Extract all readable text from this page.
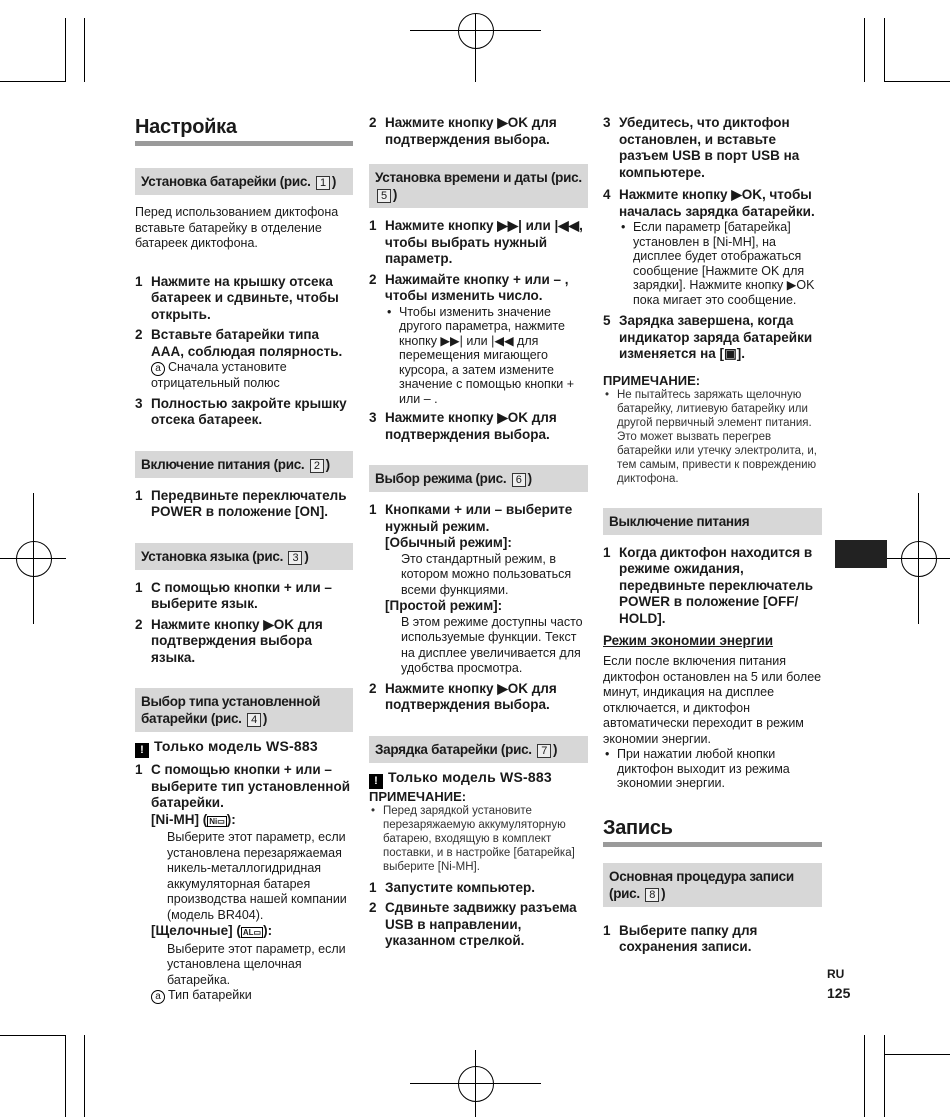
Настройка
Установка батарейки (рис. 1 )
Перед использованием диктофона вставьте батарейку в отделение батареек диктофона.
1 Нажмите на крышку отсека батареек и сдвиньте, чтобы открыть.
2 Вставьте батарейки типа AAA, соблюдая полярность.
a Сначала установите отрицательный полюс
3 Полностью закройте крышку отсека батареек.
Включение питания (рис. 2 )
1 Передвиньте переключатель POWER в положение [ON].
Установка языка (рис. 3 )
1 С помощью кнопки + или – выберите язык.
2 Нажмите кнопку ▶OK для подтверждения выбора языка.
Выбор типа установленной батарейки (рис. 4 )
! Только модель WS-883
1 С помощью кнопки + или – выберите тип установленной батарейки.
[Ni-MH] ( Ni▭ ):
Выберите этот параметр, если установлена перезаряжаемая никель-металлогидридная аккумуляторная батарея производства нашей компании (модель BR404).
[Щелочные] ( AL▭ ):
Выберите этот параметр, если установлена щелочная батарейка.
a Тип батарейки
2 Нажмите кнопку ▶OK для подтверждения выбора.
Установка времени и даты (рис. 5 )
1 Нажмите кнопку ▶▶| или |◀◀, чтобы выбрать нужный параметр.
2 Нажимайте кнопку + или – , чтобы изменить число.
• Чтобы изменить значение другого параметра, нажмите кнопку ▶▶| или |◀◀ для перемещения мигающего курсора, а затем измените значение с помощью кнопки + или – .
3 Нажмите кнопку ▶OK для подтверждения выбора.
Выбор режима (рис. 6 )
1 Кнопками + или – выберите нужный режим.
[Обычный режим]:
Это стандартный режим, в котором можно пользоваться всеми функциями.
[Простой режим]:
В этом режиме доступны часто используемые функции. Текст на дисплее увеличивается для удобства просмотра.
2 Нажмите кнопку ▶OK для подтверждения выбора.
Зарядка батарейки (рис. 7 )
! Только модель WS-883
ПРИМЕЧАНИЕ:
• Перед зарядкой установите перезаряжаемую аккумуляторную батарею, входящую в комплект поставки, и в настройке [батарейка] выберите [Ni-MH].
1 Запустите компьютер.
2 Сдвиньте задвижку разъема USB в направлении, указанном стрелкой.
3 Убедитесь, что диктофон остановлен, и вставьте разъем USB в порт USB на компьютере.
4 Нажмите кнопку ▶OK, чтобы началась зарядка батарейки.
• Если параметр [батарейка] установлен в [Ni-MH], на дисплее будет отображаться сообщение [Нажмите OK для зарядки]. Нажмите кнопку ▶OK пока мигает это сообщение.
5 Зарядка завершена, когда индикатор заряда батарейки изменяется на [▣].
ПРИМЕЧАНИЕ:
• Не пытайтесь заряжать щелочную батарейку, литиевую батарейку или другой первичный элемент питания. Это может вызвать перегрев батарейки или утечку электролита, и, тем самым, привести к повреждению диктофона.
Выключение питания
1 Когда диктофон находится в режиме ожидания, передвиньте переключатель POWER в положение [OFF/ HOLD].
Режим экономии энергии
Если после включения питания диктофон остановлен на 5 или более минут, индикация на дисплее отключается, и диктофон автоматически переходит в режим экономии энергии.
• При нажатии любой кнопки диктофон выходит из режима экономии энергии.
Запись
Основная процедура записи (рис. 8 )
1 Выберите папку для сохранения записи.
RU
125
